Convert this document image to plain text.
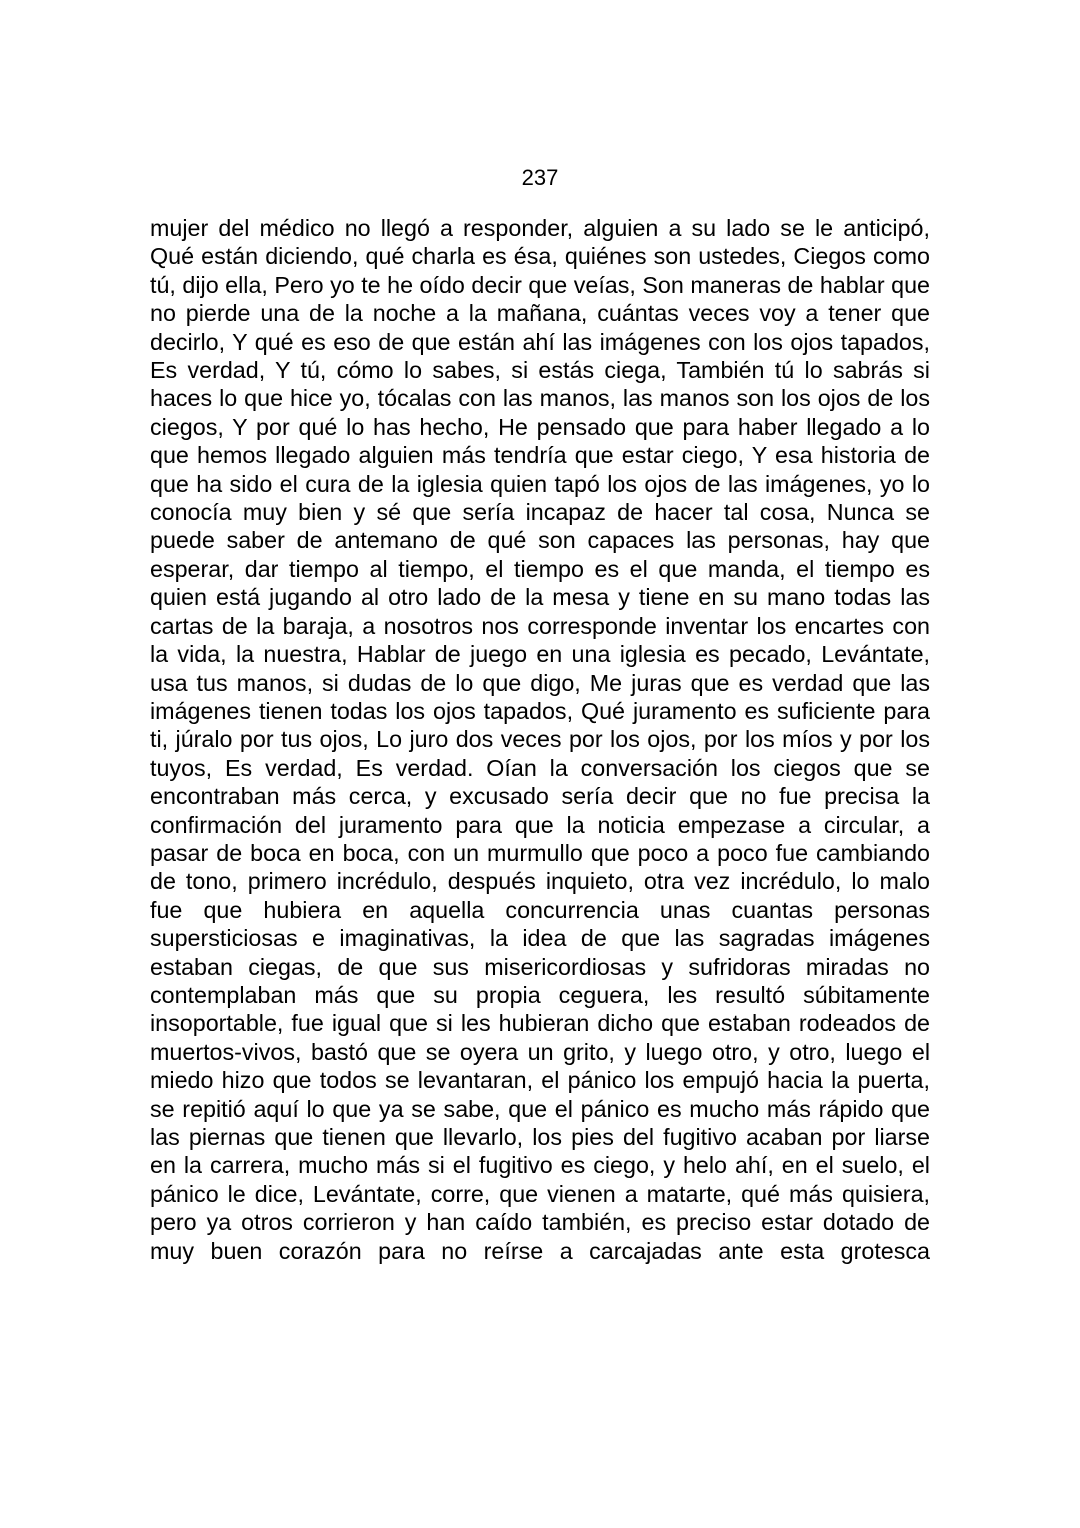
237

mujer del médico no llegó a responder, alguien a su lado se le anticipó, Qué están diciendo, qué charla es ésa, quiénes son ustedes, Ciegos como tú, dijo ella, Pero yo te he oído decir que veías, Son maneras de hablar que no pierde una de la noche a la mañana, cuántas veces voy a tener que decirlo, Y qué es eso de que están ahí las imágenes con los ojos tapados, Es verdad, Y tú, cómo lo sabes, si estás ciega, También tú lo sabrás si haces lo que hice yo, tócalas con las manos, las manos son los ojos de los ciegos, Y por qué lo has hecho, He pensado que para haber llegado a lo que hemos llegado alguien más tendría que estar ciego, Y esa historia de que ha sido el cura de la iglesia quien tapó los ojos de las imágenes, yo lo conocía muy bien y sé que sería incapaz de hacer tal cosa, Nunca se puede saber de antemano de qué son capaces las personas, hay que esperar, dar tiempo al tiempo, el tiempo es el que manda, el tiempo es quien está jugando al otro lado de la mesa y tiene en su mano todas las cartas de la baraja, a nosotros nos corresponde inventar los encartes con la vida, la nuestra, Hablar de juego en una iglesia es pecado, Levántate, usa tus manos, si dudas de lo que digo, Me juras que es verdad que las imágenes tienen todas los ojos tapados, Qué juramento es suficiente para ti, júralo por tus ojos, Lo juro dos veces por los ojos, por los míos y por los tuyos, Es verdad, Es verdad. Oían la conversación los ciegos que se encontraban más cerca, y excusado sería decir que no fue precisa la confirmación del juramento para que la noticia empezase a circular, a pasar de boca en boca, con un murmullo que poco a poco fue cambiando de tono, primero incrédulo, después inquieto, otra vez incrédulo, lo malo fue que hubiera en aquella concurrencia unas cuantas personas supersticiosas e imaginativas, la idea de que las sagradas imágenes estaban ciegas, de que sus misericordiosas y sufridoras miradas no contemplaban más que su propia ceguera, les resultó súbitamente insoportable, fue igual que si les hubieran dicho que estaban rodeados de muertos-vivos, bastó que se oyera un grito, y luego otro, y otro, luego el miedo hizo que todos se levantaran, el pánico los empujó hacia la puerta, se repitió aquí lo que ya se sabe, que el pánico es mucho más rápido que las piernas que tienen que llevarlo, los pies del fugitivo acaban por liarse en la carrera, mucho más si el fugitivo es ciego, y helo ahí, en el suelo, el pánico le dice, Levántate, corre, que vienen a matarte, qué más quisiera, pero ya otros corrieron y han caído también, es preciso estar dotado de muy buen corazón para no reírse a carcajadas ante esta grotesca
